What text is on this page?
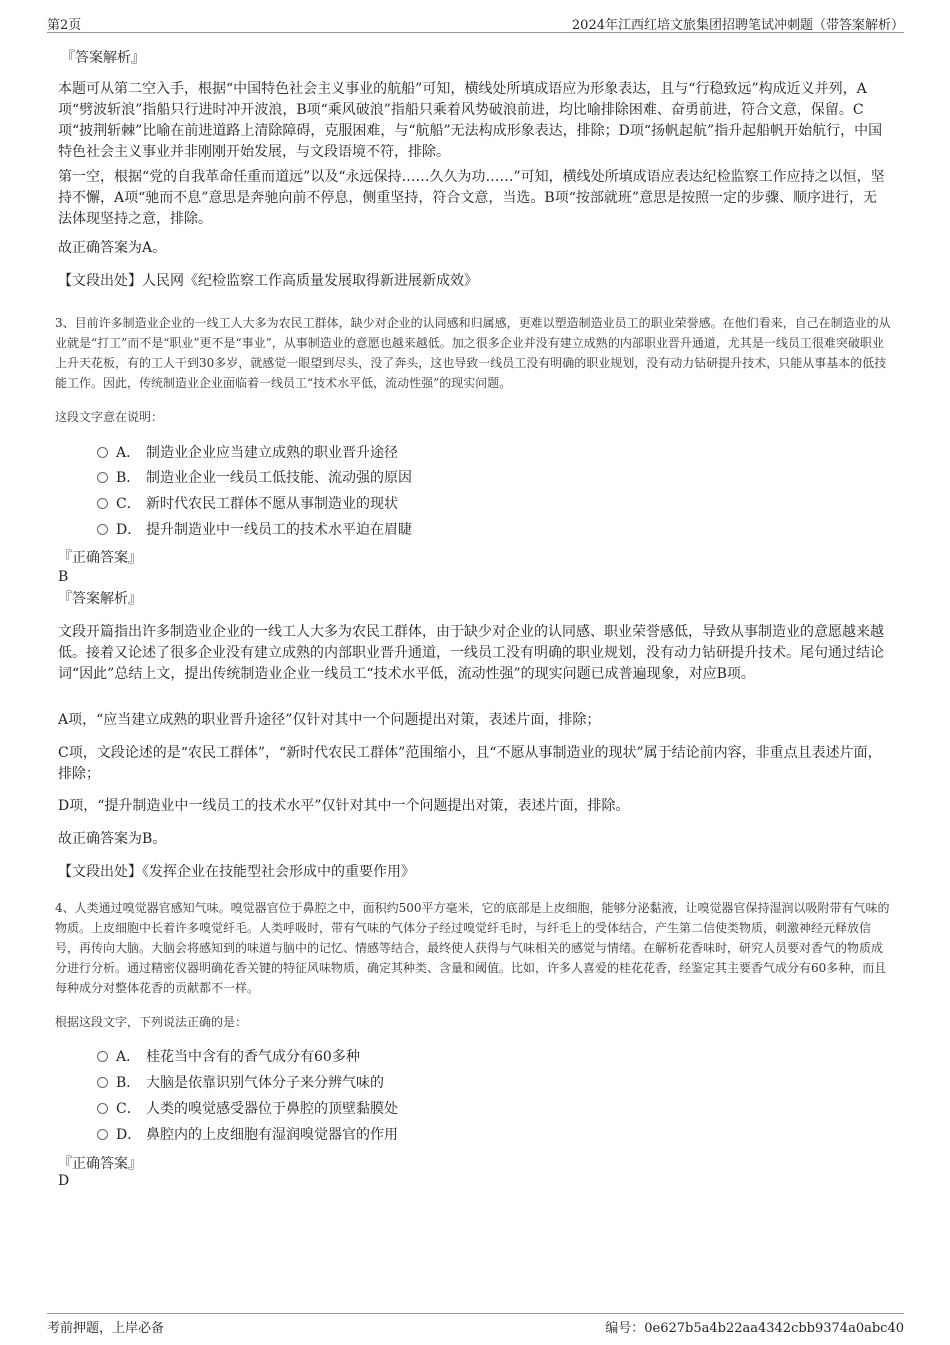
第2页	2024年江西红培文旅集团招聘笔试冲刺题（带答案解析）
『答案解析』

本题可从第二空入手，根据“中国特色社会主义事业的航船”可知，横线处所填成语应为形象表达，且与“行稳致远”构成近义并列，A项“劈波斩浪”指船只行进时冲开波浪，B项“乘风破浪”指船只乘着风势破浪前进，均比喻排除困难、奋勇前进，符合文意，保留。C项“披荆斩棘”比喻在前进道路上清除障碍，克服困难，与“航船”无法构成形象表达，排除；D项“扬帆起航”指升起船帆开始航行，中国特色社会主义事业并非刚刚开始发展，与文段语境不符，排除。

第一空，根据“党的自我革命任重而道远”以及“永远保持……久久为功……”可知，横线处所填成语应表达纪检监察工作应持之以恒，坚持不懈，A项“驰而不息”意思是奔驰向前不停息，侧重坚持，符合文意，当选。B项“按部就班”意思是按照一定的步骤、顺序进行，无法体现坚持之意，排除。

故正确答案为A。

【文段出处】人民网《纪检监察工作高质量发展取得新进展新成效》

3、目前许多制造业企业的一线工人大多为农民工群体，缺少对企业的认同感和归属感，更难以塑造制造业员工的职业荣誉感。在他们看来，自己在制造业的从业就是“打工”而不是“职业”更不是“事业”，从事制造业的意愿也越来越低。加之很多企业并没有建立成熟的内部职业晋升通道，尤其是一线员工很难突破职业上升天花板，有的工人干到30多岁，就感觉一眼望到尽头，没了奔头，这也导致一线员工没有明确的职业规划，没有动力钻研提升技术，只能从事基本的低技能工作。因此，传统制造业企业面临着一线员工“技术水平低，流动性强”的现实问题。

这段文字意在说明：

A． 制造业企业应当建立成熟的职业晋升途径
B． 制造业企业一线员工低技能、流动强的原因
C． 新时代农民工群体不愿从事制造业的现状
D． 提升制造业中一线员工的技术水平迫在眉睫
『正确答案』
B
『答案解析』

文段开篇指出许多制造业企业的一线工人大多为农民工群体，由于缺少对企业的认同感、职业荣誉感低，导致从事制造业的意愿越来越低。接着又论述了很多企业没有建立成熟的内部职业晋升通道，一线员工没有明确的职业规划，没有动力钻研提升技术。尾句通过结论词“因此”总结上文，提出传统制造业企业一线员工“技术水平低，流动性强”的现实问题已成普遍现象，对应B项。

A项，“应当建立成熟的职业晋升途径”仅针对其中一个问题提出对策，表述片面，排除；

C项，文段论述的是“农民工群体”，“新时代农民工群体”范围缩小，且“不愿从事制造业的现状”属于结论前内容，非重点且表述片面，排除；

D项，“提升制造业中一线员工的技术水平”仅针对其中一个问题提出对策，表述片面，排除。

故正确答案为B。

【文段出处】《发挥企业在技能型社会形成中的重要作用》

4、人类通过嗅觉器官感知气味。嗅觉器官位于鼻腔之中，面积约500平方毫米，它的底部是上皮细胞，能够分泌黏液，让嗅觉器官保持湿润以吸附带有气味的物质。上皮细胞中长着许多嗅觉纤毛。人类呼吸时，带有气味的气体分子经过嗅觉纤毛时，与纤毛上的受体结合，产生第二信使类物质，刺激神经元释放信号，再传向大脑。大脑会将感知到的味道与脑中的记忆、情感等结合，最终使人获得与气味相关的感觉与情绪。在解析花香味时，研究人员要对香气的物质成分进行分析。通过精密仪器明确花香关键的特征风味物质，确定其种类、含量和阈值。比如，许多人喜爱的桂花花香，经鉴定其主要香气成分有60多种，而且每种成分对整体花香的贡献都不一样。

根据这段文字，下列说法正确的是：

A． 桂花当中含有的香气成分有60多种
B． 大脑是依靠识别气体分子来分辨气味的
C． 人类的嗅觉感受器位于鼻腔的顶壁黏膜处
D． 鼻腔内的上皮细胞有湿润嗅觉器官的作用
『正确答案』
D
考前押题，上岸必备	编号：0e627b5a4b22aa4342cbb9374a0abc40
